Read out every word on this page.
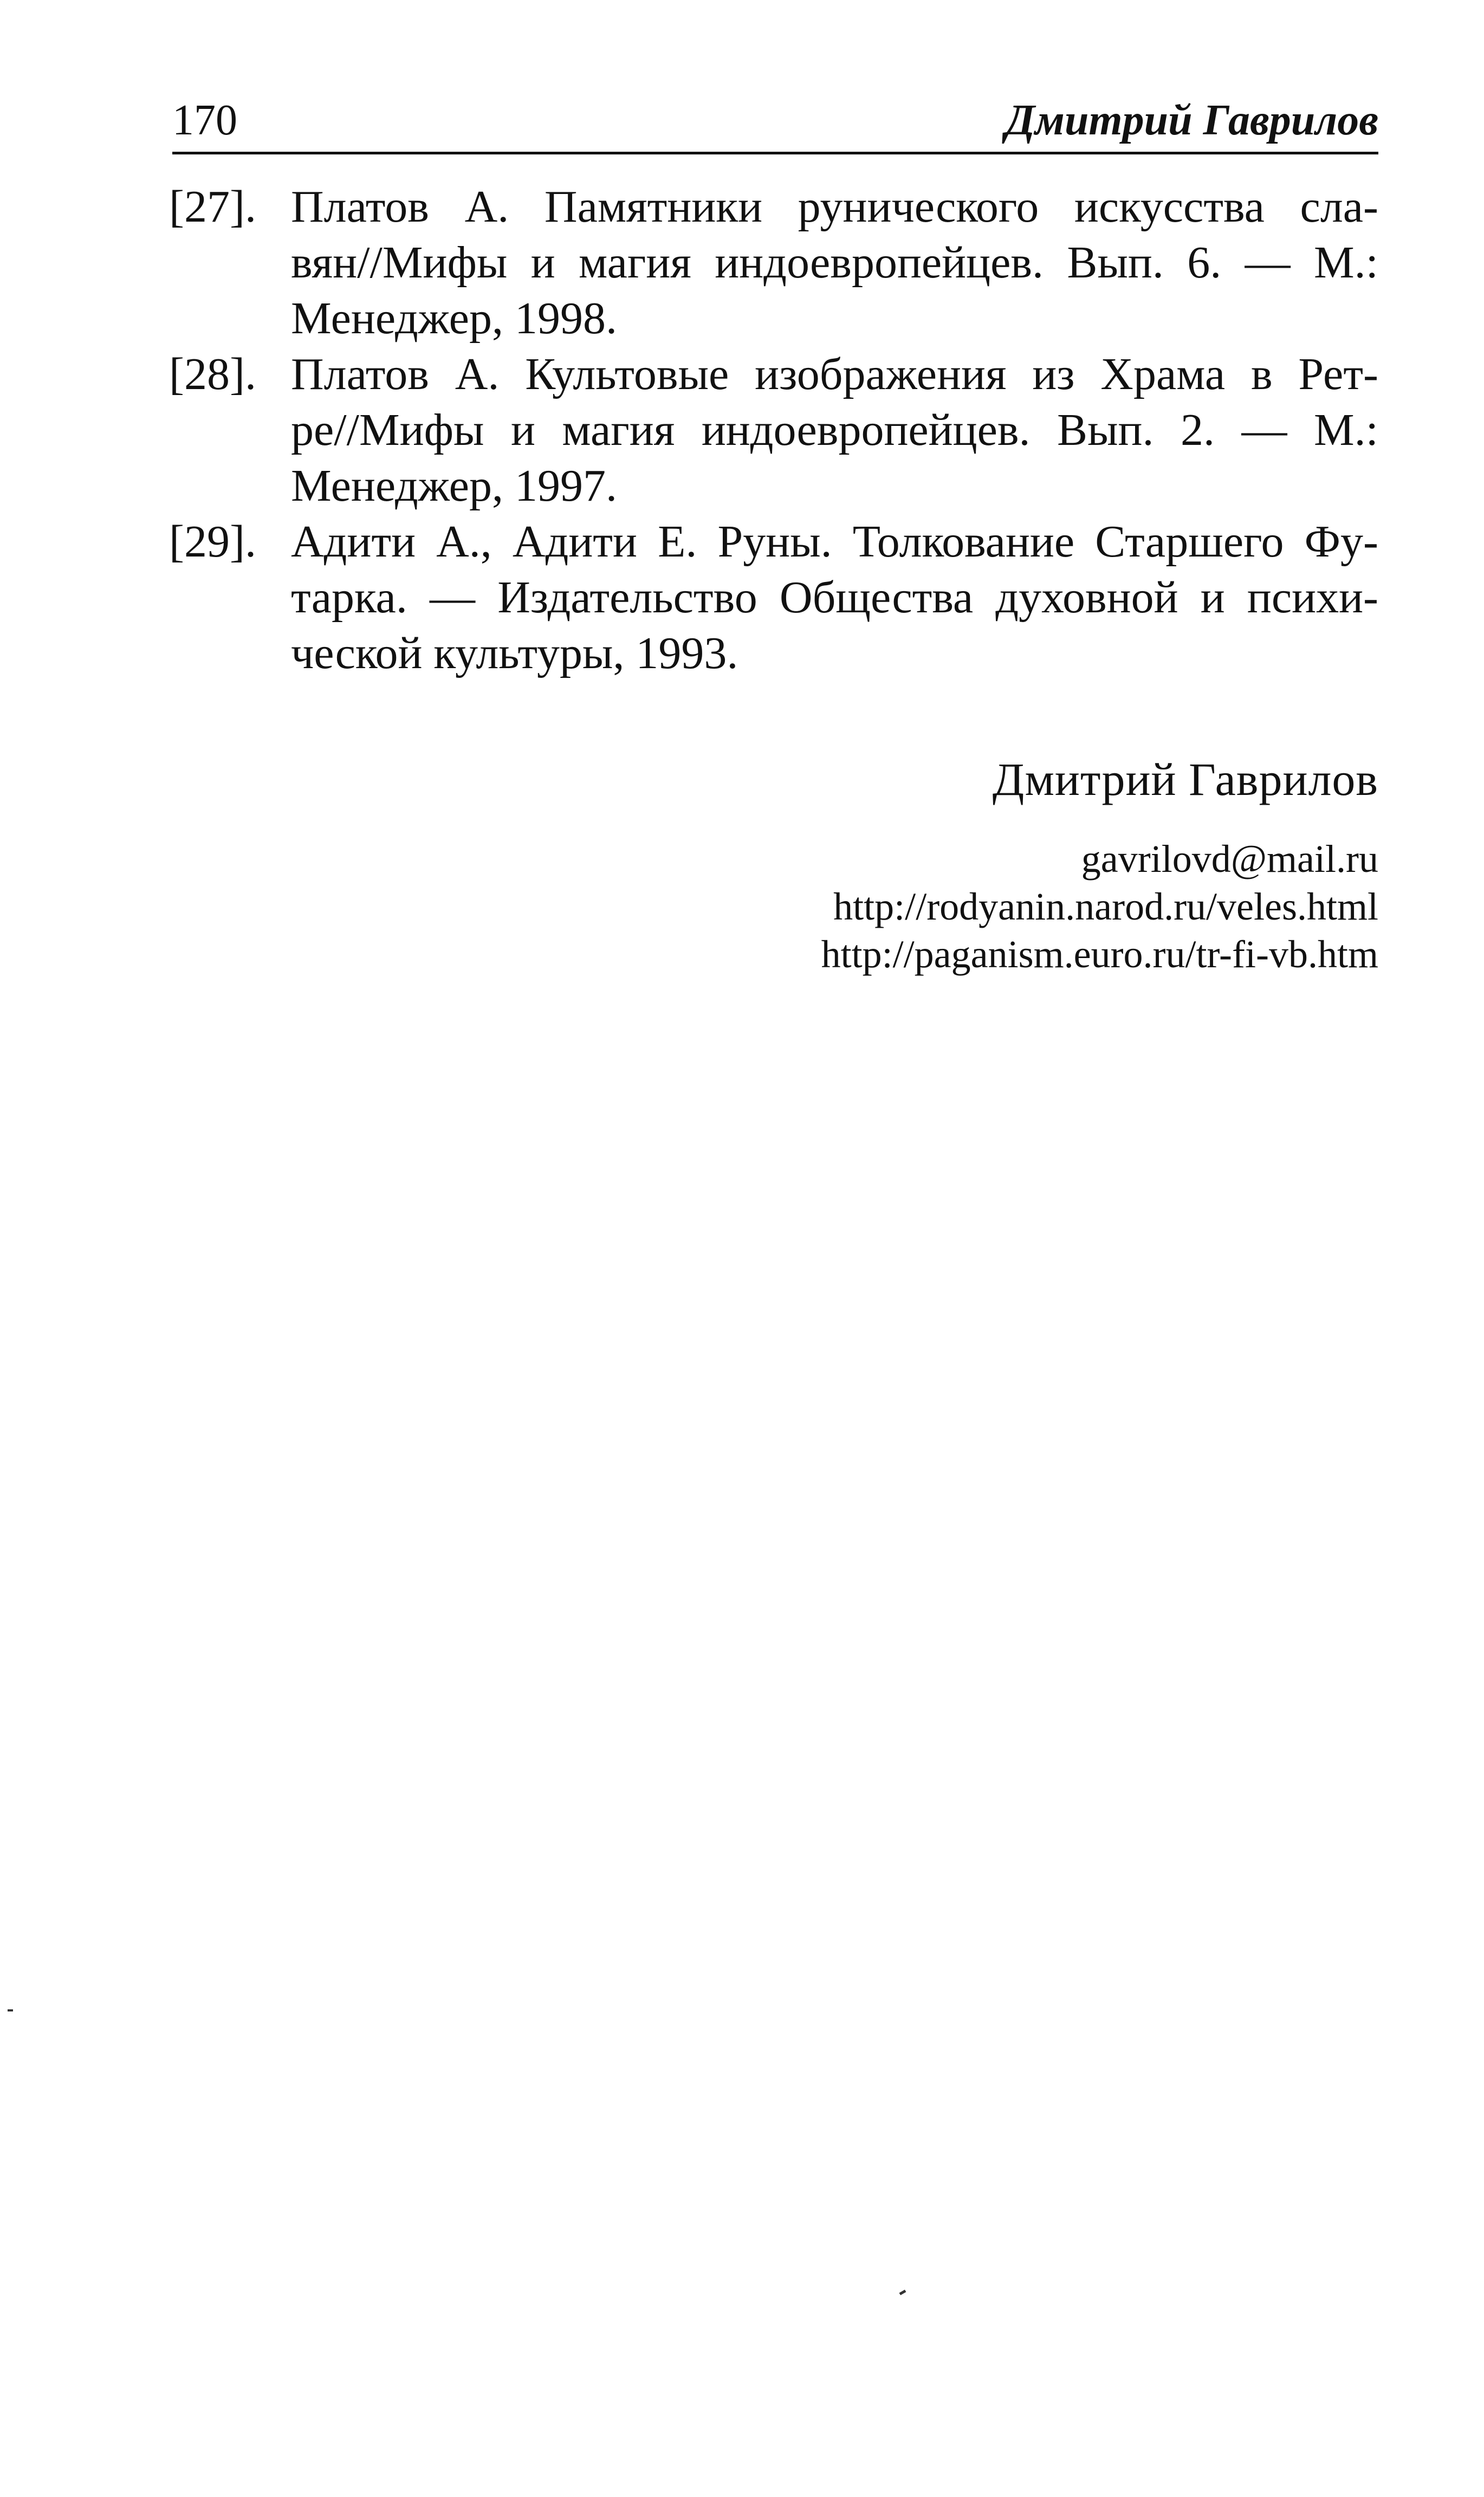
170	Дмитрий Гаврилов
[27]. Платов А. Памятники рунического искусства сла-
вян//Мифы и магия индоевропейцев. Вып. 6. — М.:
Менеджер, 1998.
[28]. Платов А. Культовые изображения из Храма в Рет-
ре//Мифы и магия индоевропейцев. Вып. 2. — М.:
Менеджер, 1997.
[29]. Адити А., Адити Е. Руны. Толкование Старшего Фу-
тарка. — Издательство Общества духовной и психи-
ческой культуры, 1993.
Дмитрий Гаврилов
gavrilovd@mail.ru
http://rodyanin.narod.ru/veles.html
http://paganism.euro.ru/tr-fi-vb.htm
